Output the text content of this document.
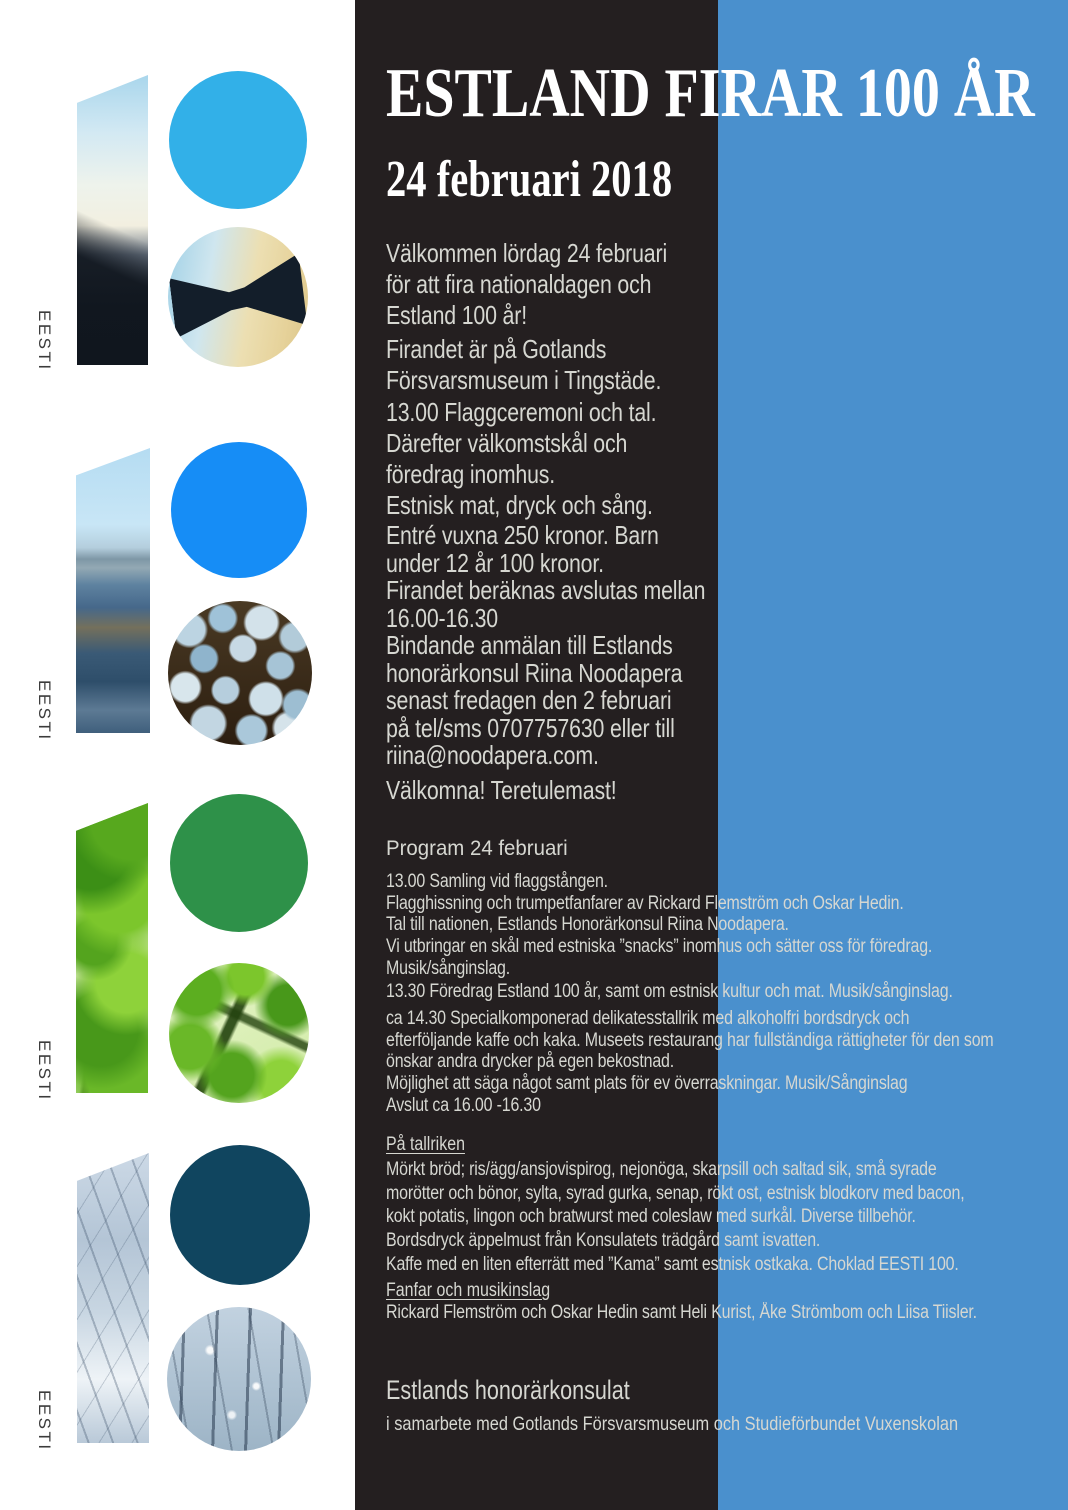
EESTI
EESTI
EESTI
EESTI
ESTLAND FIRAR 100 ÅR
24 februari 2018
Välkommen lördag 24 februari
för att fira nationaldagen och
Estland 100 år!
Firandet är på Gotlands
Försvarsmuseum i Tingstäde.
13.00 Flaggceremoni och tal.
Därefter välkomstskål och
föredrag inomhus.
Estnisk mat, dryck och sång.
Entré vuxna 250 kronor. Barn
under 12 år 100 kronor.
Firandet beräknas avslutas mellan
16.00-16.30
Bindande anmälan till Estlands
honorärkonsul Riina Noodapera
senast fredagen den 2 februari
på tel/sms 0707757630 eller till
riina@noodapera.com.
Välkomna! Teretulemast!
Program 24 februari
13.00 Samling vid flaggstången.
Flagghissning och trumpetfanfarer av Rickard Flemström och Oskar Hedin.
Tal till nationen, Estlands Honorärkonsul Riina Noodapera.
Vi utbringar en skål med estniska ”snacks” inomhus och sätter oss för föredrag.
Musik/sånginslag.
13.30 Föredrag Estland 100 år, samt om estnisk kultur och mat. Musik/sånginslag.
ca 14.30 Specialkomponerad delikatesstallrik med alkoholfri bordsdryck och
efterföljande kaffe och kaka. Museets restaurang har fullständiga rättigheter för den som
önskar andra drycker på egen bekostnad.
Möjlighet att säga något samt plats för ev överraskningar. Musik/Sånginslag
Avslut ca 16.00 -16.30
På tallriken
Mörkt bröd; ris/ägg/ansjovispirog, nejonöga, skarpsill och saltad sik, små syrade
morötter och bönor, sylta, syrad gurka, senap, rökt ost, estnisk blodkorv med bacon,
kokt potatis, lingon och bratwurst med coleslaw med surkål. Diverse tillbehör.
Bordsdryck äppelmust från Konsulatets trädgård samt isvatten.
Kaffe med en liten efterrätt med ”Kama” samt estnisk ostkaka. Choklad EESTI 100.
Fanfar och musikinslag
Rickard Flemström och Oskar Hedin samt Heli Kurist, Åke Strömbom och Liisa Tiisler.
Estlands honorärkonsulat
i samarbete med Gotlands Försvarsmuseum och Studieförbundet Vuxenskolan
